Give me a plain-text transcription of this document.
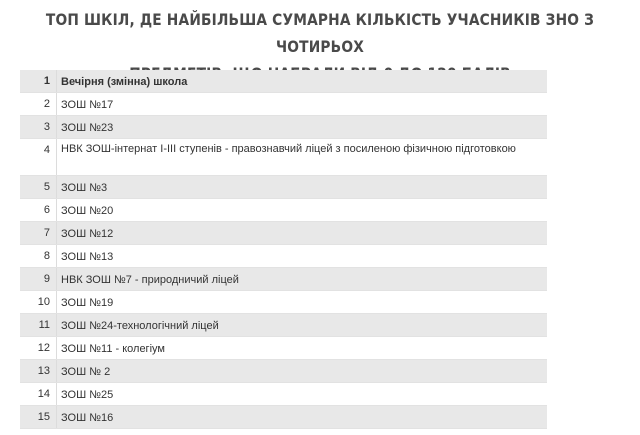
ТОП ШКІЛ, ДЕ НАЙБІЛЬША СУМАРНА КІЛЬКІСТЬ УЧАСНИКІВ ЗНО З ЧОТИРЬОХ
1	Вечірня (змінна) школа
2	ЗОШ №17
3	ЗОШ №23
4	НВК ЗОШ-інтернат І-ІІІ ступенів - правознавчий ліцей з посиленою фізичною підготовкою
5	ЗОШ №3
6	ЗОШ №20
7	ЗОШ №12
8	ЗОШ №13
9	НВК ЗОШ №7 - природничий ліцей
10	ЗОШ №19
11	ЗОШ №24-технологічний ліцей
12	ЗОШ №11 - колегіум
13	ЗОШ № 2
14	ЗОШ №25
15	ЗОШ №16
